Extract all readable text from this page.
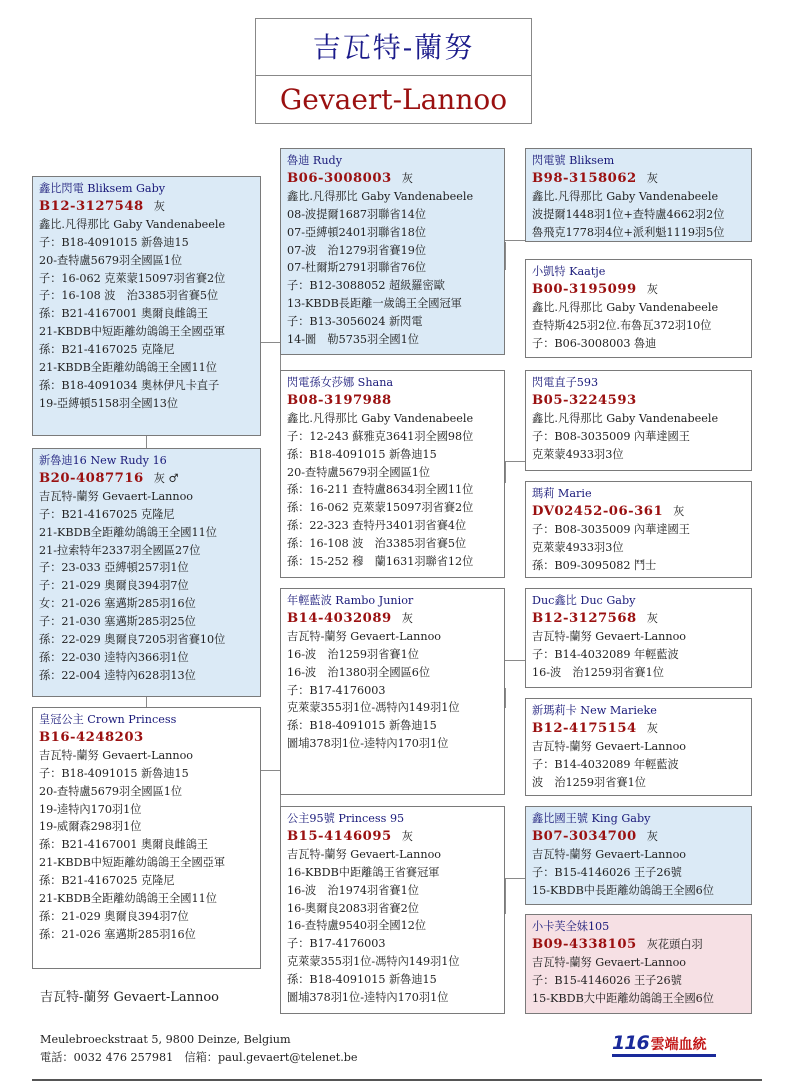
吉瓦特-蘭努
Gevaert-Lannoo
鑫比閃電 Bliksem Gaby
B12-3127548 灰
鑫比.凡得那比 Gaby Vandenabeele
子：B18-4091015 新魯迪15
20-查特盧5679羽全國區1位
子：16-062 克萊蒙15097羽省賽2位
子：16-108 波　治3385羽省賽5位
孫：B21-4167001 奧爾良雌鴿王
21-KBDB中短距離幼鴿鴿王全國亞軍
孫：B21-4167025 克隆尼
21-KBDB全距離幼鴿鴿王全國11位
孫：B18-4091034 奧林伊凡卡直子
19-亞縛頓5158羽全國13位
新魯迪16 New Rudy 16
B20-4087716 灰 ♂
吉瓦特-蘭努 Gevaert-Lannoo
子：B21-4167025 克隆尼
21-KBDB全距離幼鴿鴿王全國11位
21-拉索特年2337羽全國區27位
子：23-033 亞縛頓257羽1位
子：21-029 奧爾良394羽7位
女：21-026 塞邁斯285羽16位
子：21-030 塞邁斯285羽25位
孫：22-029 奧爾良7205羽省賽10位
孫：22-030 逵特內366羽1位
孫：22-004 逵特內628羽13位
皇冠公主 Crown Princess
B16-4248203
吉瓦特-蘭努 Gevaert-Lannoo
子：B18-4091015 新魯迪15
20-查特盧5679羽全國區1位
19-逵特內170羽1位
19-威爾森298羽1位
孫：B21-4167001 奧爾良雌鴿王
21-KBDB中短距離幼鴿鴿王全國亞軍
孫：B21-4167025 克隆尼
21-KBDB全距離幼鴿鴿王全國11位
孫：21-029 奧爾良394羽7位
孫：21-026 塞邁斯285羽16位
魯迪 Rudy
B06-3008003 灰
鑫比.凡得那比 Gaby Vandenabeele
08-波提爾1687羽聯省14位
07-亞縛頓2401羽聯省18位
07-波　治1279羽省賽19位
07-杜爾斯2791羽聯省76位
子：B12-3088052 超級羅密歐
13-KBDB長距離一歲鴿王全國冠軍
子：B13-3056024 新閃電
14-圖　勒5735羽全國1位
閃電孫女莎娜 Shana
B08-3197988
鑫比.凡得那比 Gaby Vandenabeele
子：12-243 蘇雅克3641羽全國98位
孫：B18-4091015 新魯迪15
20-查特盧5679羽全國區1位
孫：16-211 查特盧8634羽全國11位
孫：16-062 克萊蒙15097羽省賽2位
孫：22-323 查特丹3401羽省賽4位
孫：16-108 波　治3385羽省賽5位
孫：15-252 穆　蘭1631羽聯省12位
年輕藍波 Rambo Junior
B14-4032089 灰
吉瓦特-蘭努 Gevaert-Lannoo
16-波　治1259羽省賽1位
16-波　治1380羽全國區6位
子：B17-4176003
克萊蒙355羽1位-馮特內149羽1位
孫：B18-4091015 新魯迪15
圖埔378羽1位-逵特內170羽1位
公主95號 Princess 95
B15-4146095 灰
吉瓦特-蘭努 Gevaert-Lannoo
16-KBDB中距離鴿王省賽冠軍
16-波　治1974羽省賽1位
16-奧爾良2083羽省賽2位
16-查特盧9540羽全國12位
子：B17-4176003
克萊蒙355羽1位-馮特內149羽1位
孫：B18-4091015 新魯迪15
圖埔378羽1位-逵特內170羽1位
閃電號 Bliksem
B98-3158062 灰
鑫比.凡得那比 Gaby Vandenabeele
波提爾1448羽1位+查特盧4662羽2位
魯飛克1778羽4位+派利魁1119羽5位
小凱特 Kaatje
B00-3195099 灰
鑫比.凡得那比 Gaby Vandenabeele
查特斯425羽2位.布魯瓦372羽10位
子：B06-3008003 魯迪
閃電直子593
B05-3224593
鑫比.凡得那比 Gaby Vandenabeele
子：B08-3035009 內華達國王
克萊蒙4933羽3位
瑪莉 Marie
DV02452-06-361 灰
子：B08-3035009 內華達國王
克萊蒙4933羽3位
孫：B09-3095082 鬥士
Duc鑫比 Duc Gaby
B12-3127568 灰
吉瓦特-蘭努 Gevaert-Lannoo
子：B14-4032089 年輕藍波
16-波　治1259羽省賽1位
新瑪莉卡 New Marieke
B12-4175154 灰
吉瓦特-蘭努 Gevaert-Lannoo
子：B14-4032089 年輕藍波
波　治1259羽省賽1位
鑫比國王號 King Gaby
B07-3034700 灰
吉瓦特-蘭努 Gevaert-Lannoo
子：B15-4146026 王子26號
15-KBDB中長距離幼鴿鴿王全國6位
小卡芙全妹105
B09-4338105 灰花頭白羽
吉瓦特-蘭努 Gevaert-Lannoo
子：B15-4146026 王子26號
15-KBDB大中距離幼鴿鴿王全國6位
吉瓦特-蘭努 Gevaert-Lannoo
Meulebroeckstraat 5, 9800 Deinze, Belgium
電話：0032 476 257981　信箱：paul.gevaert@telenet.be
116 雲端血統
